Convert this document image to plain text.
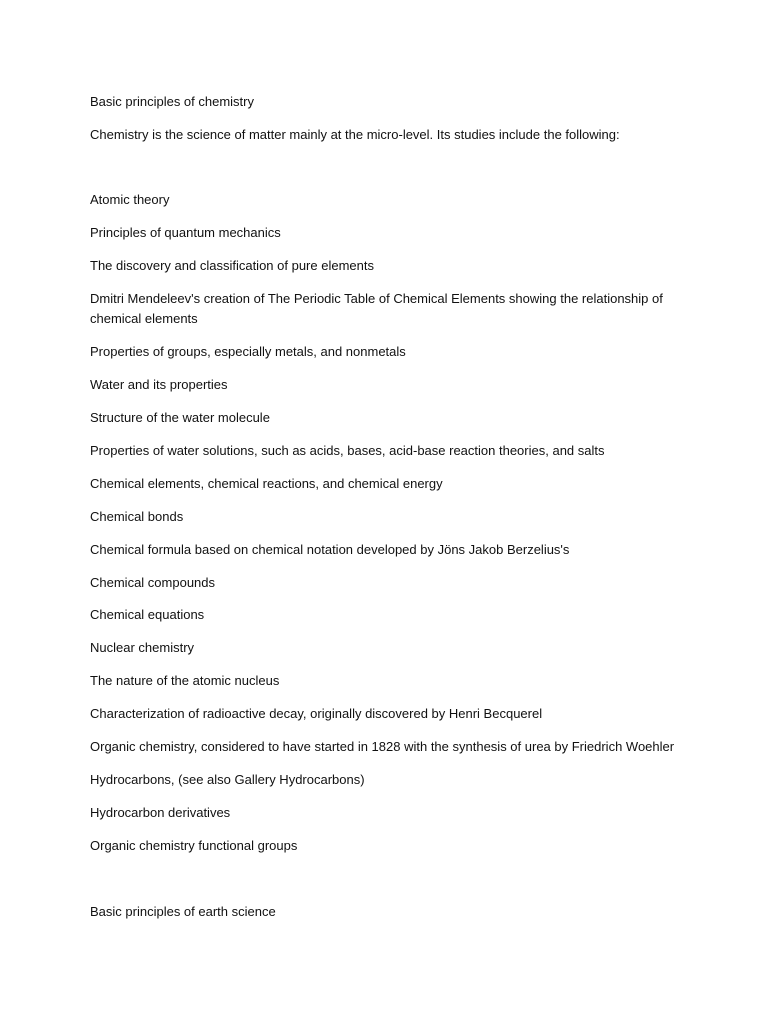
Basic principles of chemistry
Chemistry is the science of matter mainly at the micro-level. Its studies include the following:
Atomic theory
Principles of quantum mechanics
The discovery and classification of pure elements
Dmitri Mendeleev's creation of The Periodic Table of Chemical Elements showing the relationship of chemical elements
Properties of groups, especially metals, and nonmetals
Water and its properties
Structure of the water molecule
Properties of water solutions, such as acids, bases, acid-base reaction theories, and salts
Chemical elements, chemical reactions, and chemical energy
Chemical bonds
Chemical formula based on chemical notation developed by Jöns Jakob Berzelius's
Chemical compounds
Chemical equations
Nuclear chemistry
The nature of the atomic nucleus
Characterization of radioactive decay, originally discovered by Henri Becquerel
Organic chemistry, considered to have started in 1828 with the synthesis of urea by Friedrich Woehler
Hydrocarbons, (see also Gallery Hydrocarbons)
Hydrocarbon derivatives
Organic chemistry functional groups
Basic principles of earth science
